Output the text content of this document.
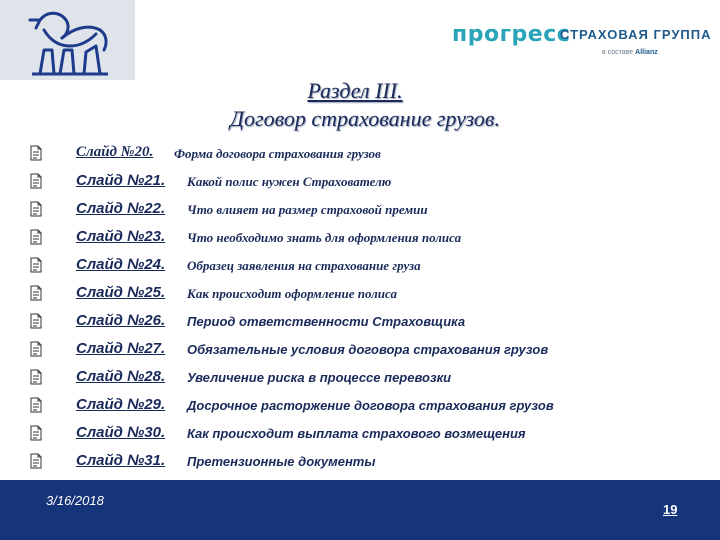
прогресс
СТРАХОВАЯ ГРУППА
в составе Allianz
Раздел III.
Договор страхование грузов.
Слайд №20. Форма договора страхования грузов
Слайд №21. Какой полис нужен Страхователю
Слайд №22. Что влияет на размер страховой премии
Слайд №23. Что необходимо знать для оформления полиса
Слайд №24. Образец заявления на страхование груза
Слайд №25. Как происходит оформление полиса
Слайд №26. Период ответственности Страховщика
Слайд №27. Обязательные условия договора страхования грузов
Слайд №28. Увеличение риска в процессе перевозки
Слайд №29. Досрочное расторжение договора страхования грузов
Слайд №30. Как происходит выплата страхового возмещения
Слайд №31. Претензионные документы
3/16/2018
19
